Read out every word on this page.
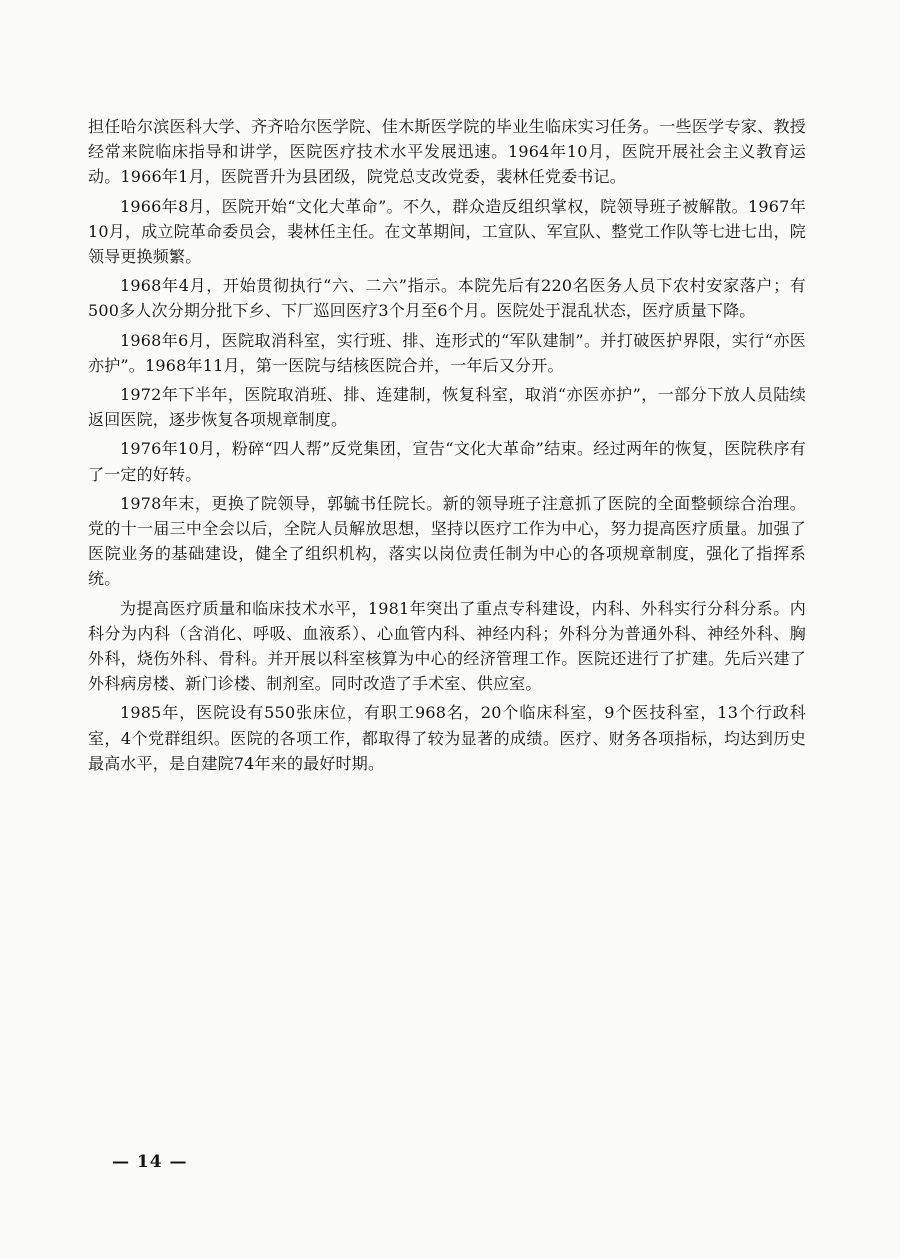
担任哈尔滨医科大学、齐齐哈尔医学院、佳木斯医学院的毕业生临床实习任务。一些医学专家、教授经常来院临床指导和讲学，医院医疗技术水平发展迅速。1964年10月，医院开展社会主义教育运动。1966年1月，医院晋升为县团级，院党总支改党委，裴林任党委书记。

1966年8月，医院开始“文化大革命”。不久，群众造反组织掌权，院领导班子被解散。1967年10月，成立院革命委员会，裴林任主任。在文革期间，工宣队、军宣队、整党工作队等七进七出，院领导更换频繁。

1968年4月，开始贯彻执行“六、二六”指示。本院先后有220名医务人员下农村安家落户；有500多人次分期分批下乡、下厂巡回医疗3个月至6个月。医院处于混乱状态，医疗质量下降。

1968年6月，医院取消科室，实行班、排、连形式的“军队建制”。并打破医护界限，实行“亦医亦护”。1968年11月，第一医院与结核医院合并，一年后又分开。

1972年下半年，医院取消班、排、连建制，恢复科室，取消“亦医亦护”，一部分下放人员陆续返回医院，逐步恢复各项规章制度。

1976年10月，粉碎“四人帮”反党集团，宣告“文化大革命”结束。经过两年的恢复，医院秩序有了一定的好转。

1978年末，更换了院领导，郭毓书任院长。新的领导班子注意抓了医院的全面整顿综合治理。党的十一届三中全会以后，全院人员解放思想，坚持以医疗工作为中心，努力提高医疗质量。加强了医院业务的基础建设，健全了组织机构，落实以岗位责任制为中心的各项规章制度，强化了指挥系统。

为提高医疗质量和临床技术水平，1981年突出了重点专科建设，内科、外科实行分科分系。内科分为内科（含消化、呼吸、血液系）、心血管内科、神经内科；外科分为普通外科、神经外科、胸外科，烧伤外科、骨科。并开展以科室核算为中心的经济管理工作。医院还进行了扩建。先后兴建了外科病房楼、新门诊楼、制剂室。同时改造了手术室、供应室。

1985年，医院设有550张床位，有职工968名，20个临床科室，9个医技科室，13个行政科室，4个党群组织。医院的各项工作，都取得了较为显著的成绩。医疗、财务各项指标，均达到历史最高水平，是自建院74年来的最好时期。

— 14 —
